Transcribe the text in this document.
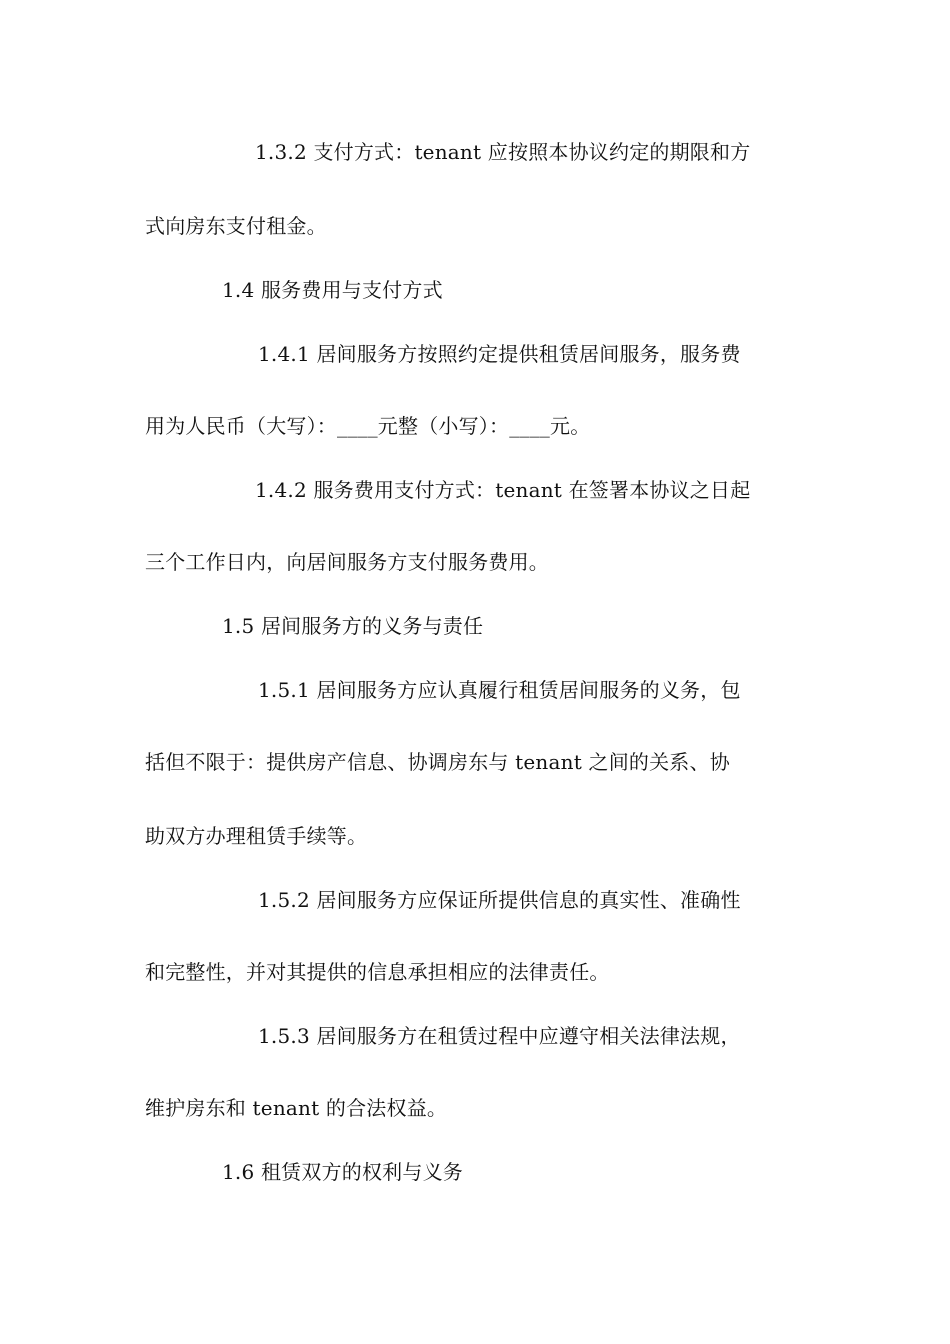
1.3.2 支付方式：tenant 应按照本协议约定的期限和方
式向房东支付租金。
1.4 服务费用与支付方式
1.4.1 居间服务方按照约定提供租赁居间服务，服务费
用为人民币（大写）：____元整（小写）：____元。
1.4.2 服务费用支付方式：tenant 在签署本协议之日起
三个工作日内，向居间服务方支付服务费用。
1.5 居间服务方的义务与责任
1.5.1 居间服务方应认真履行租赁居间服务的义务，包
括但不限于：提供房产信息、协调房东与 tenant 之间的关系、协
助双方办理租赁手续等。
1.5.2 居间服务方应保证所提供信息的真实性、准确性
和完整性，并对其提供的信息承担相应的法律责任。
1.5.3 居间服务方在租赁过程中应遵守相关法律法规，
维护房东和 tenant 的合法权益。
1.6 租赁双方的权利与义务
